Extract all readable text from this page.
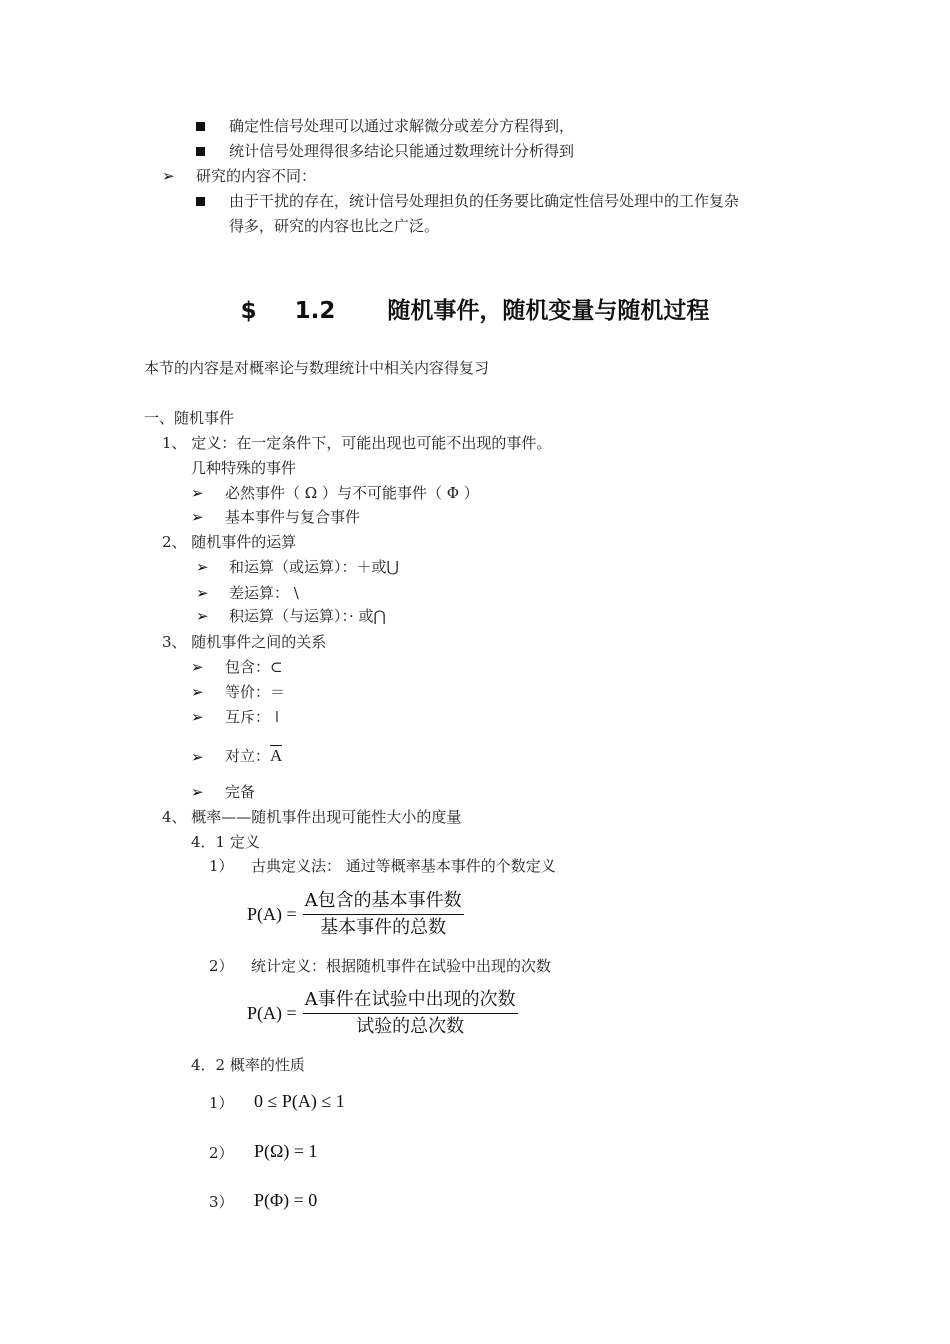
确定性信号处理可以通过求解微分或差分方程得到，
统计信号处理得很多结论只能通过数理统计分析得到
➢ 研究的内容不同：
由于干扰的存在，统计信号处理担负的任务要比确定性信号处理中的工作复杂
得多，研究的内容也比之广泛。
$ 1.2 随机事件，随机变量与随机过程
本节的内容是对概率论与数理统计中相关内容得复习
一、随机事件
1、 定义：在一定条件下，可能出现也可能不出现的事件。
几种特殊的事件
➢ 必然事件（ Ω ）与不可能事件（ Φ ）
➢ 基本事件与复合事件
2、 随机事件的运算
➢ 和运算（或运算）：＋或⋃
➢ 差运算： \
➢ 积运算（与运算）：· 或⋂
3、 随机事件之间的关系
➢ 包含：⊂
➢ 等价：＝
➢ 互斥： ǀ
➢ 对立：A
➢ 完备
4、 概率——随机事件出现可能性大小的度量
4．1 定义
1） 古典定义法： 通过等概率基本事件的个数定义
$P(A) = \frac{\text{A包含的基本事件数}}{\text{基本事件的总数}}$
2） 统计定义：根据随机事件在试验中出现的次数
$P(A) = \frac{\text{A事件在试验中出现的次数}}{\text{试验的总次数}}$
4．2 概率的性质
1） 0 ≤ P(A) ≤ 1
2） P(Ω) = 1
3） P(Φ) = 0
